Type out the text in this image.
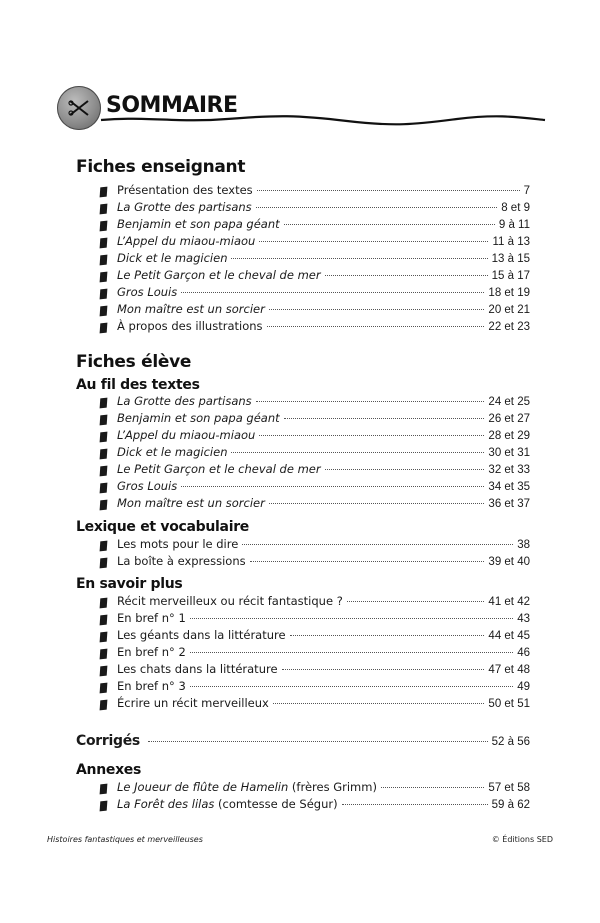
SOMMAIRE
Fiches enseignant
Présentation des textes	7
La Grotte des partisans	8 et 9
Benjamin et son papa géant	9 à 11
L’Appel du miaou-miaou	11 à 13
Dick et le magicien	13 à 15
Le Petit Garçon et le cheval de mer	15 à 17
Gros Louis	18 et 19
Mon maître est un sorcier	20 et 21
À propos des illustrations	22 et 23
Fiches élève
Au fil des textes
La Grotte des partisans	24 et 25
Benjamin et son papa géant	26 et 27
L’Appel du miaou-miaou	28 et 29
Dick et le magicien	30 et 31
Le Petit Garçon et le cheval de mer	32 et 33
Gros Louis	34 et 35
Mon maître est un sorcier	36 et 37
Lexique et vocabulaire
Les mots pour le dire	38
La boîte à expressions	39 et 40
En savoir plus
Récit merveilleux ou récit fantastique ?	41 et 42
En bref n° 1	43
Les géants dans la littérature	44 et 45
En bref n° 2	46
Les chats dans la littérature	47 et 48
En bref n° 3	49
Écrire un récit merveilleux	50 et 51
Corrigés	52 à 56
Annexes
Le Joueur de flûte de Hamelin (frères Grimm)	57 et 58
La Forêt des lilas (comtesse de Ségur)	59 à 62
Histoires fantastiques et merveilleuses	© Éditions SED
